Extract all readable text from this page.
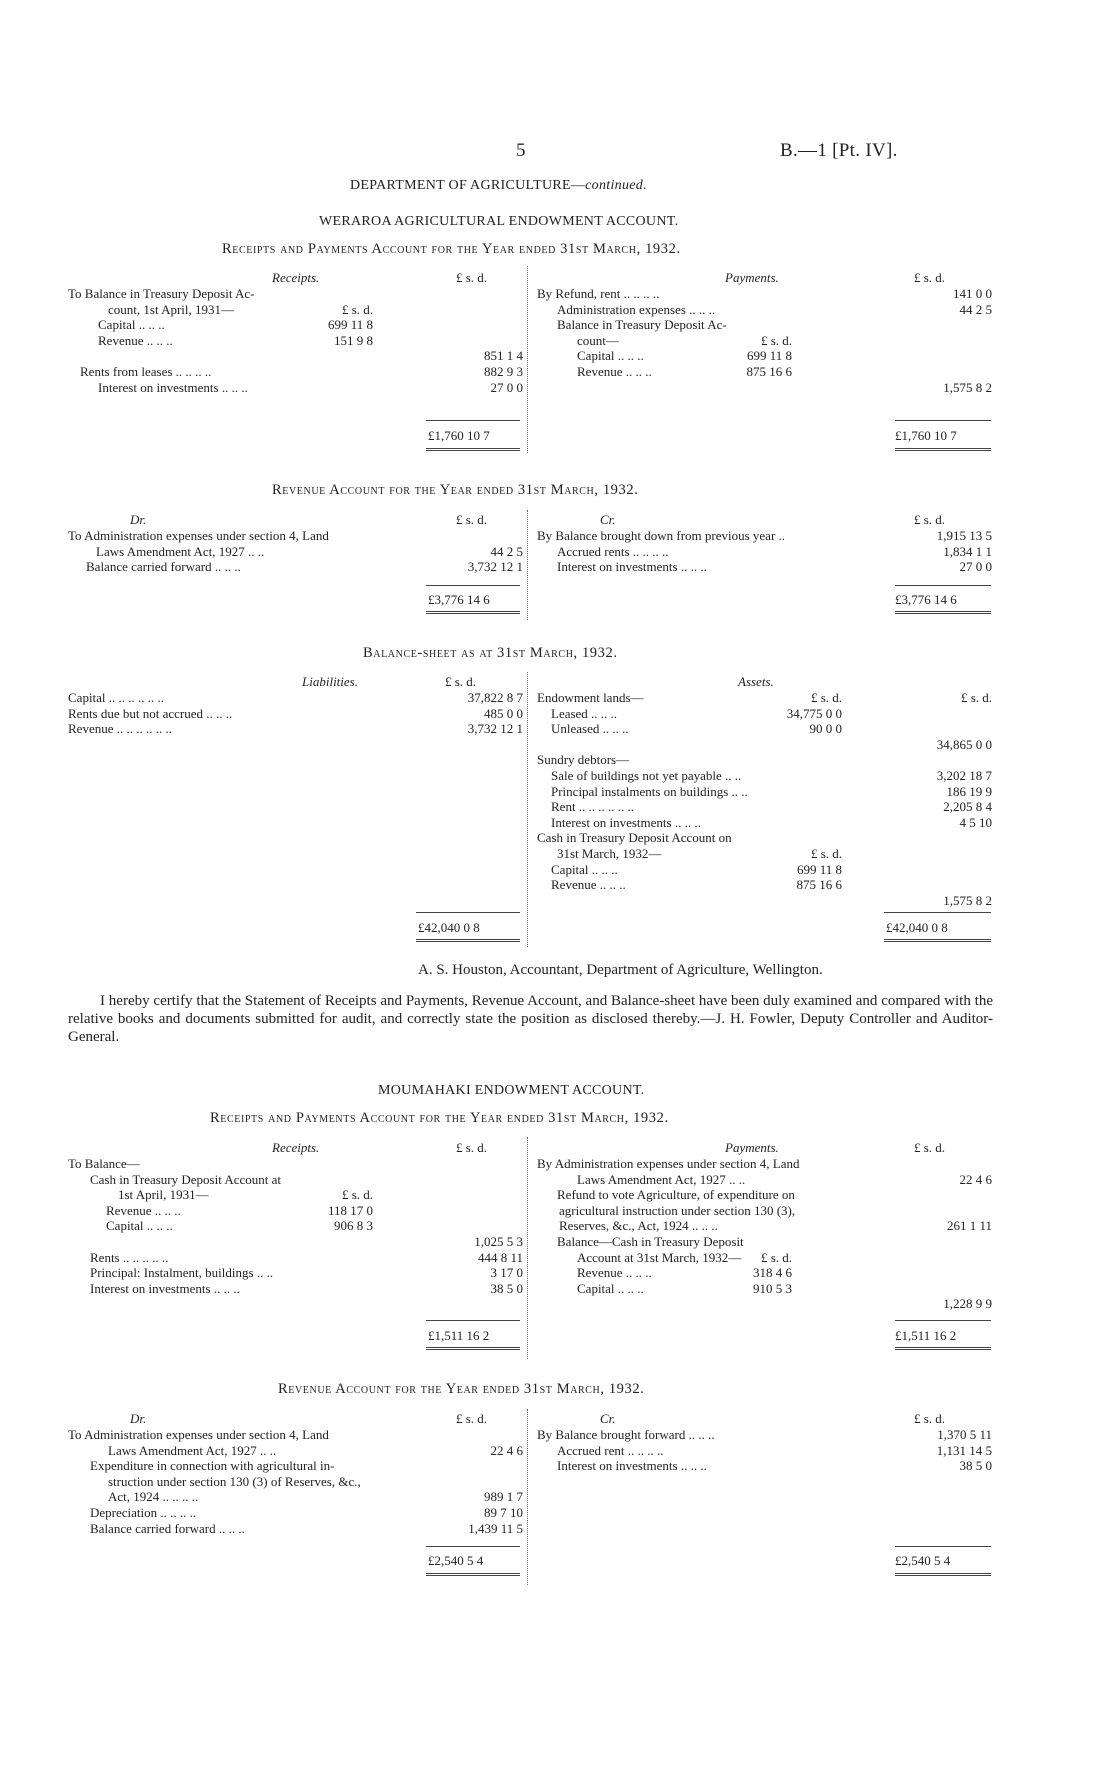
5	B.—1 [Pt. IV].
DEPARTMENT OF AGRICULTURE—continued.
WERAROA AGRICULTURAL ENDOWMENT ACCOUNT.
Receipts and Payments Account for the Year ended 31st March, 1932.
Receipts.	£ s. d.	Payments.	£ s. d.
To Balance in Treasury Deposit Ac-
count, 1st April, 1931—	£ s. d.
Capital .. .. ..	699 11 8
Revenue .. .. ..	151 9 8
851 1 4
Rents from leases .. .. .. ..	882 9 3
Interest on investments .. .. ..	27 0 0
By Refund, rent .. .. .. ..	141 0 0
Administration expenses .. .. ..	44 2 5
Balance in Treasury Deposit Ac-
count—	£ s. d.
Capital .. .. ..	699 11 8
Revenue .. .. ..	875 16 6
1,575 8 2
£1,760 10 7	£1,760 10 7
Revenue Account for the Year ended 31st March, 1932.
Dr.	£ s. d.	Cr.	£ s. d.
To Administration expenses under section 4, Land
Laws Amendment Act, 1927 .. ..	44 2 5
Balance carried forward .. .. ..	3,732 12 1
By Balance brought down from previous year ..	1,915 13 5
Accrued rents .. .. .. ..	1,834 1 1
Interest on investments .. .. ..	27 0 0
£3,776 14 6	£3,776 14 6
Balance-sheet as at 31st March, 1932.
Liabilities.	£ s. d.	Assets.
Capital .. .. .. .. .. ..	37,822 8 7
Rents due but not accrued .. .. ..	485 0 0
Revenue .. .. .. .. .. ..	3,732 12 1
Endowment lands—	£ s. d.	£ s. d.
Leased .. .. ..	34,775 0 0
Unleased .. .. ..	90 0 0
34,865 0 0
Sundry debtors—
Sale of buildings not yet payable .. ..	3,202 18 7
Principal instalments on buildings .. ..	186 19 9
Rent .. .. .. .. .. ..	2,205 8 4
Interest on investments .. .. ..	4 5 10
Cash in Treasury Deposit Account on
31st March, 1932—	£ s. d.
Capital .. .. ..	699 11 8
Revenue .. .. ..	875 16 6
1,575 8 2
£42,040 0 8	£42,040 0 8
A. S. Houston, Accountant, Department of Agriculture, Wellington.
I hereby certify that the Statement of Receipts and Payments, Revenue Account, and Balance-sheet have been duly examined and compared with the relative books and documents submitted for audit, and correctly state the position as disclosed thereby.—J. H. Fowler, Deputy Controller and Auditor-General.
MOUMAHAKI ENDOWMENT ACCOUNT.
Receipts and Payments Account for the Year ended 31st March, 1932.
Receipts.	£ s. d.	Payments.	£ s. d.
To Balance—
Cash in Treasury Deposit Account at
1st April, 1931—	£ s. d.
Revenue .. .. ..	118 17 0
Capital .. .. ..	906 8 3
1,025 5 3
Rents .. .. .. .. ..	444 8 11
Principal: Instalment, buildings .. ..	3 17 0
Interest on investments .. .. ..	38 5 0
By Administration expenses under section 4, Land
Laws Amendment Act, 1927 .. ..	22 4 6
Refund to vote Agriculture, of expenditure on
agricultural instruction under section 130 (3),
Reserves, &c., Act, 1924 .. .. ..	261 1 11
Balance—Cash in Treasury Deposit
Account at 31st March, 1932— £ s. d.
Revenue .. .. ..	318 4 6
Capital .. .. ..	910 5 3
1,228 9 9
£1,511 16 2	£1,511 16 2
Revenue Account for the Year ended 31st March, 1932.
Dr.	£ s. d.	Cr.	£ s. d.
To Administration expenses under section 4, Land
Laws Amendment Act, 1927 .. ..	22 4 6
Expenditure in connection with agricultural in-
struction under section 130 (3) of Reserves, &c.,
Act, 1924 .. .. .. ..	989 1 7
Depreciation .. .. .. ..	89 7 10
Balance carried forward .. .. ..	1,439 11 5
By Balance brought forward .. .. ..	1,370 5 11
Accrued rent .. .. .. ..	1,131 14 5
Interest on investments .. .. ..	38 5 0
£2,540 5 4	£2,540 5 4
